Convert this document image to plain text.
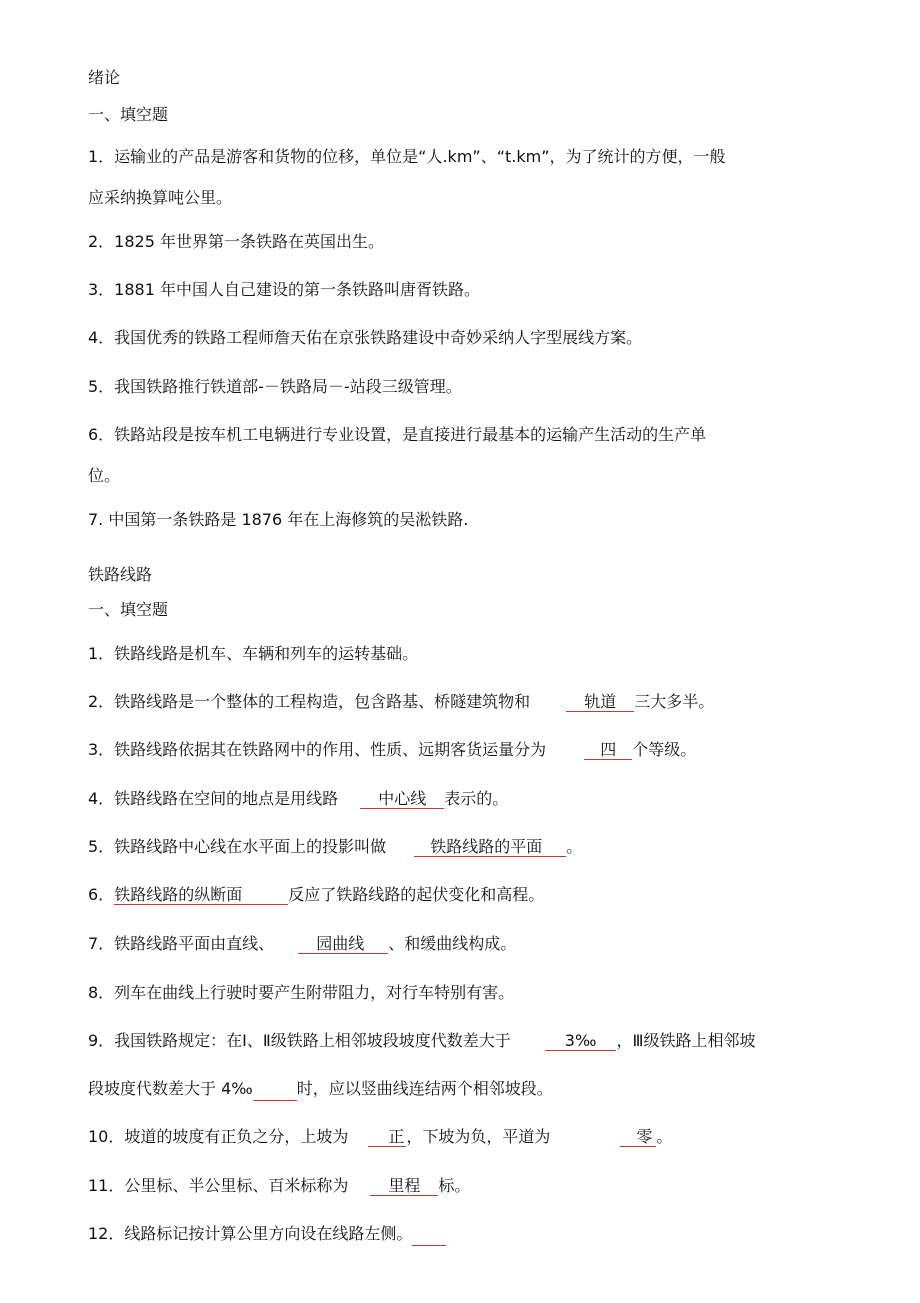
绪论
一、填空题
1．运输业的产品是游客和货物的位移，单位是“人.km”、“t.km”，为了统计的方便，一般
应采纳换算吨公里。
2．1825 年世界第一条铁路在英国出生。
3．1881 年中国人自己建设的第一条铁路叫唐胥铁路。
4．我国优秀的铁路工程师詹天佑在京张铁路建设中奇妙采纳人字型展线方案。
5．我国铁路推行铁道部-－铁路局－-站段三级管理。
6．铁路站段是按车机工电辆进行专业设置，是直接进行最基本的运输产生活动的生产单
位。
7. 中国第一条铁路是 1876 年在上海修筑的吴淞铁路.
铁路线路
一、填空题
1．铁路线路是机车、车辆和列车的运转基础。
2．铁路线路是一个整体的工程构造，包含路基、桥隧建筑物和	轨道 三大多半。
3．铁路线路依据其在铁路网中的作用、性质、远期客货运量分为	四 个等级。
4．铁路线路在空间的地点是用线路	中心线 表示的。
5．铁路线路中心线在水平面上的投影叫做	铁路线路的平面 。
6．铁路线路的纵断面	反应了铁路线路的起伏变化和高程。
7．铁路线路平面由直线、	园曲线 、和缓曲线构成。
8．列车在曲线上行驶时要产生附带阻力，对行车特别有害。
9．我国铁路规定：在Ⅰ、Ⅱ级铁路上相邻坡段坡度代数差大于	3‰ ，Ⅲ级铁路上相邻坡
段坡度代数差大于 4‰	时，应以竖曲线连结两个相邻坡段。
10．坡道的坡度有正负之分，上坡为	正 ，下坡为负，平道为	零 。
11．公里标、半公里标、百米标称为	里程 标。
12．线路标记按计算公里方向设在线路左侧。
